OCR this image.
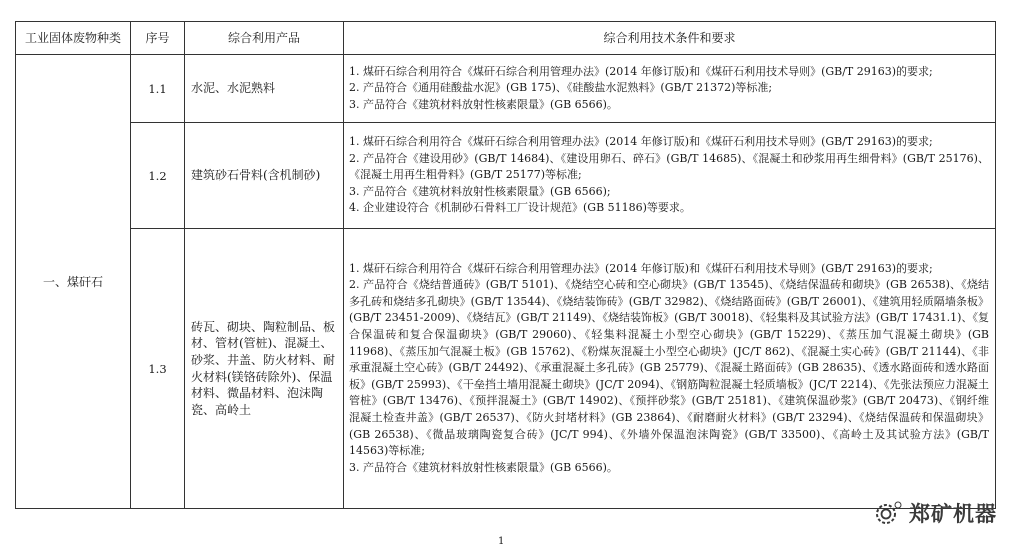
工业固体废物种类	序号	综合利用产品	综合利用技术条件和要求
一、煤矸石	1.1	水泥、水泥熟料	1. 煤矸石综合利用符合《煤矸石综合利用管理办法》(2014 年修订版)和《煤矸石利用技术导则》(GB/T 29163)的要求;
2. 产品符合《通用硅酸盐水泥》(GB 175)、《硅酸盐水泥熟料》(GB/T 21372)等标准;
3. 产品符合《建筑材料放射性核素限量》(GB 6566)。

	1.2	建筑砂石骨料(含机制砂)	1. 煤矸石综合利用符合《煤矸石综合利用管理办法》(2014 年修订版)和《煤矸石利用技术导则》(GB/T 29163)的要求;
2. 产品符合《建设用砂》(GB/T 14684)、《建设用卵石、碎石》(GB/T 14685)、《混凝土和砂浆用再生细骨料》(GB/T 25176)、《混凝土用再生粗骨料》(GB/T 25177)等标准;
3. 产品符合《建筑材料放射性核素限量》(GB 6566);
4. 企业建设符合《机制砂石骨料工厂设计规范》(GB 51186)等要求。

	1.3	砖瓦、砌块、陶粒制品、板材、管材(管桩)、混凝土、砂浆、井盖、防火材料、耐火材料(镁铬砖除外)、保温材料、微晶材料、泡沫陶瓷、高岭土	1. 煤矸石综合利用符合《煤矸石综合利用管理办法》(2014 年修订版)和《煤矸石利用技术导则》(GB/T 29163)的要求;
2. 产品符合《烧结普通砖》(GB/T 5101)、《烧结空心砖和空心砌块》(GB/T 13545)、《烧结保温砖和砌块》(GB 26538)、《烧结多孔砖和烧结多孔砌块》(GB/T 13544)、《烧结装饰砖》(GB/T 32982)、《烧结路面砖》(GB/T 26001)、《建筑用轻质隔墙条板》(GB/T 23451-2009)、《烧结瓦》(GB/T 21149)、《烧结装饰板》(GB/T 30018)、《轻集料及其试验方法》(GB/T 17431.1)、《复合保温砖和复合保温砌块》(GB/T 29060)、《轻集料混凝土小型空心砌块》(GB/T 15229)、《蒸压加气混凝土砌块》(GB 11968)、《蒸压加气混凝土板》(GB 15762)、《粉煤灰混凝土小型空心砌块》(JC/T 862)、《混凝土实心砖》(GB/T 21144)、《非承重混凝土空心砖》(GB/T 24492)、《承重混凝土多孔砖》(GB 25779)、《混凝土路面砖》(GB 28635)、《透水路面砖和透水路面板》(GB/T 25993)、《干垒挡土墙用混凝土砌块》(JC/T 2094)、《钢筋陶粒混凝土轻质墙板》(JC/T 2214)、《先张法预应力混凝土管桩》(GB/T 13476)、《预拌混凝土》(GB/T 14902)、《预拌砂浆》(GB/T 25181)、《建筑保温砂浆》(GB/T 20473)、《钢纤维混凝土检查井盖》(GB/T 26537)、《防火封堵材料》(GB 23864)、《耐磨耐火材料》(GB/T 23294)、《烧结保温砖和保温砌块》(GB 26538)、《微晶玻璃陶瓷复合砖》(JC/T 994)、《外墙外保温泡沫陶瓷》(GB/T 33500)、《高岭土及其试验方法》(GB/T 14563)等标准;
3. 产品符合《建筑材料放射性核素限量》(GB 6566)。
1
郑矿机器
